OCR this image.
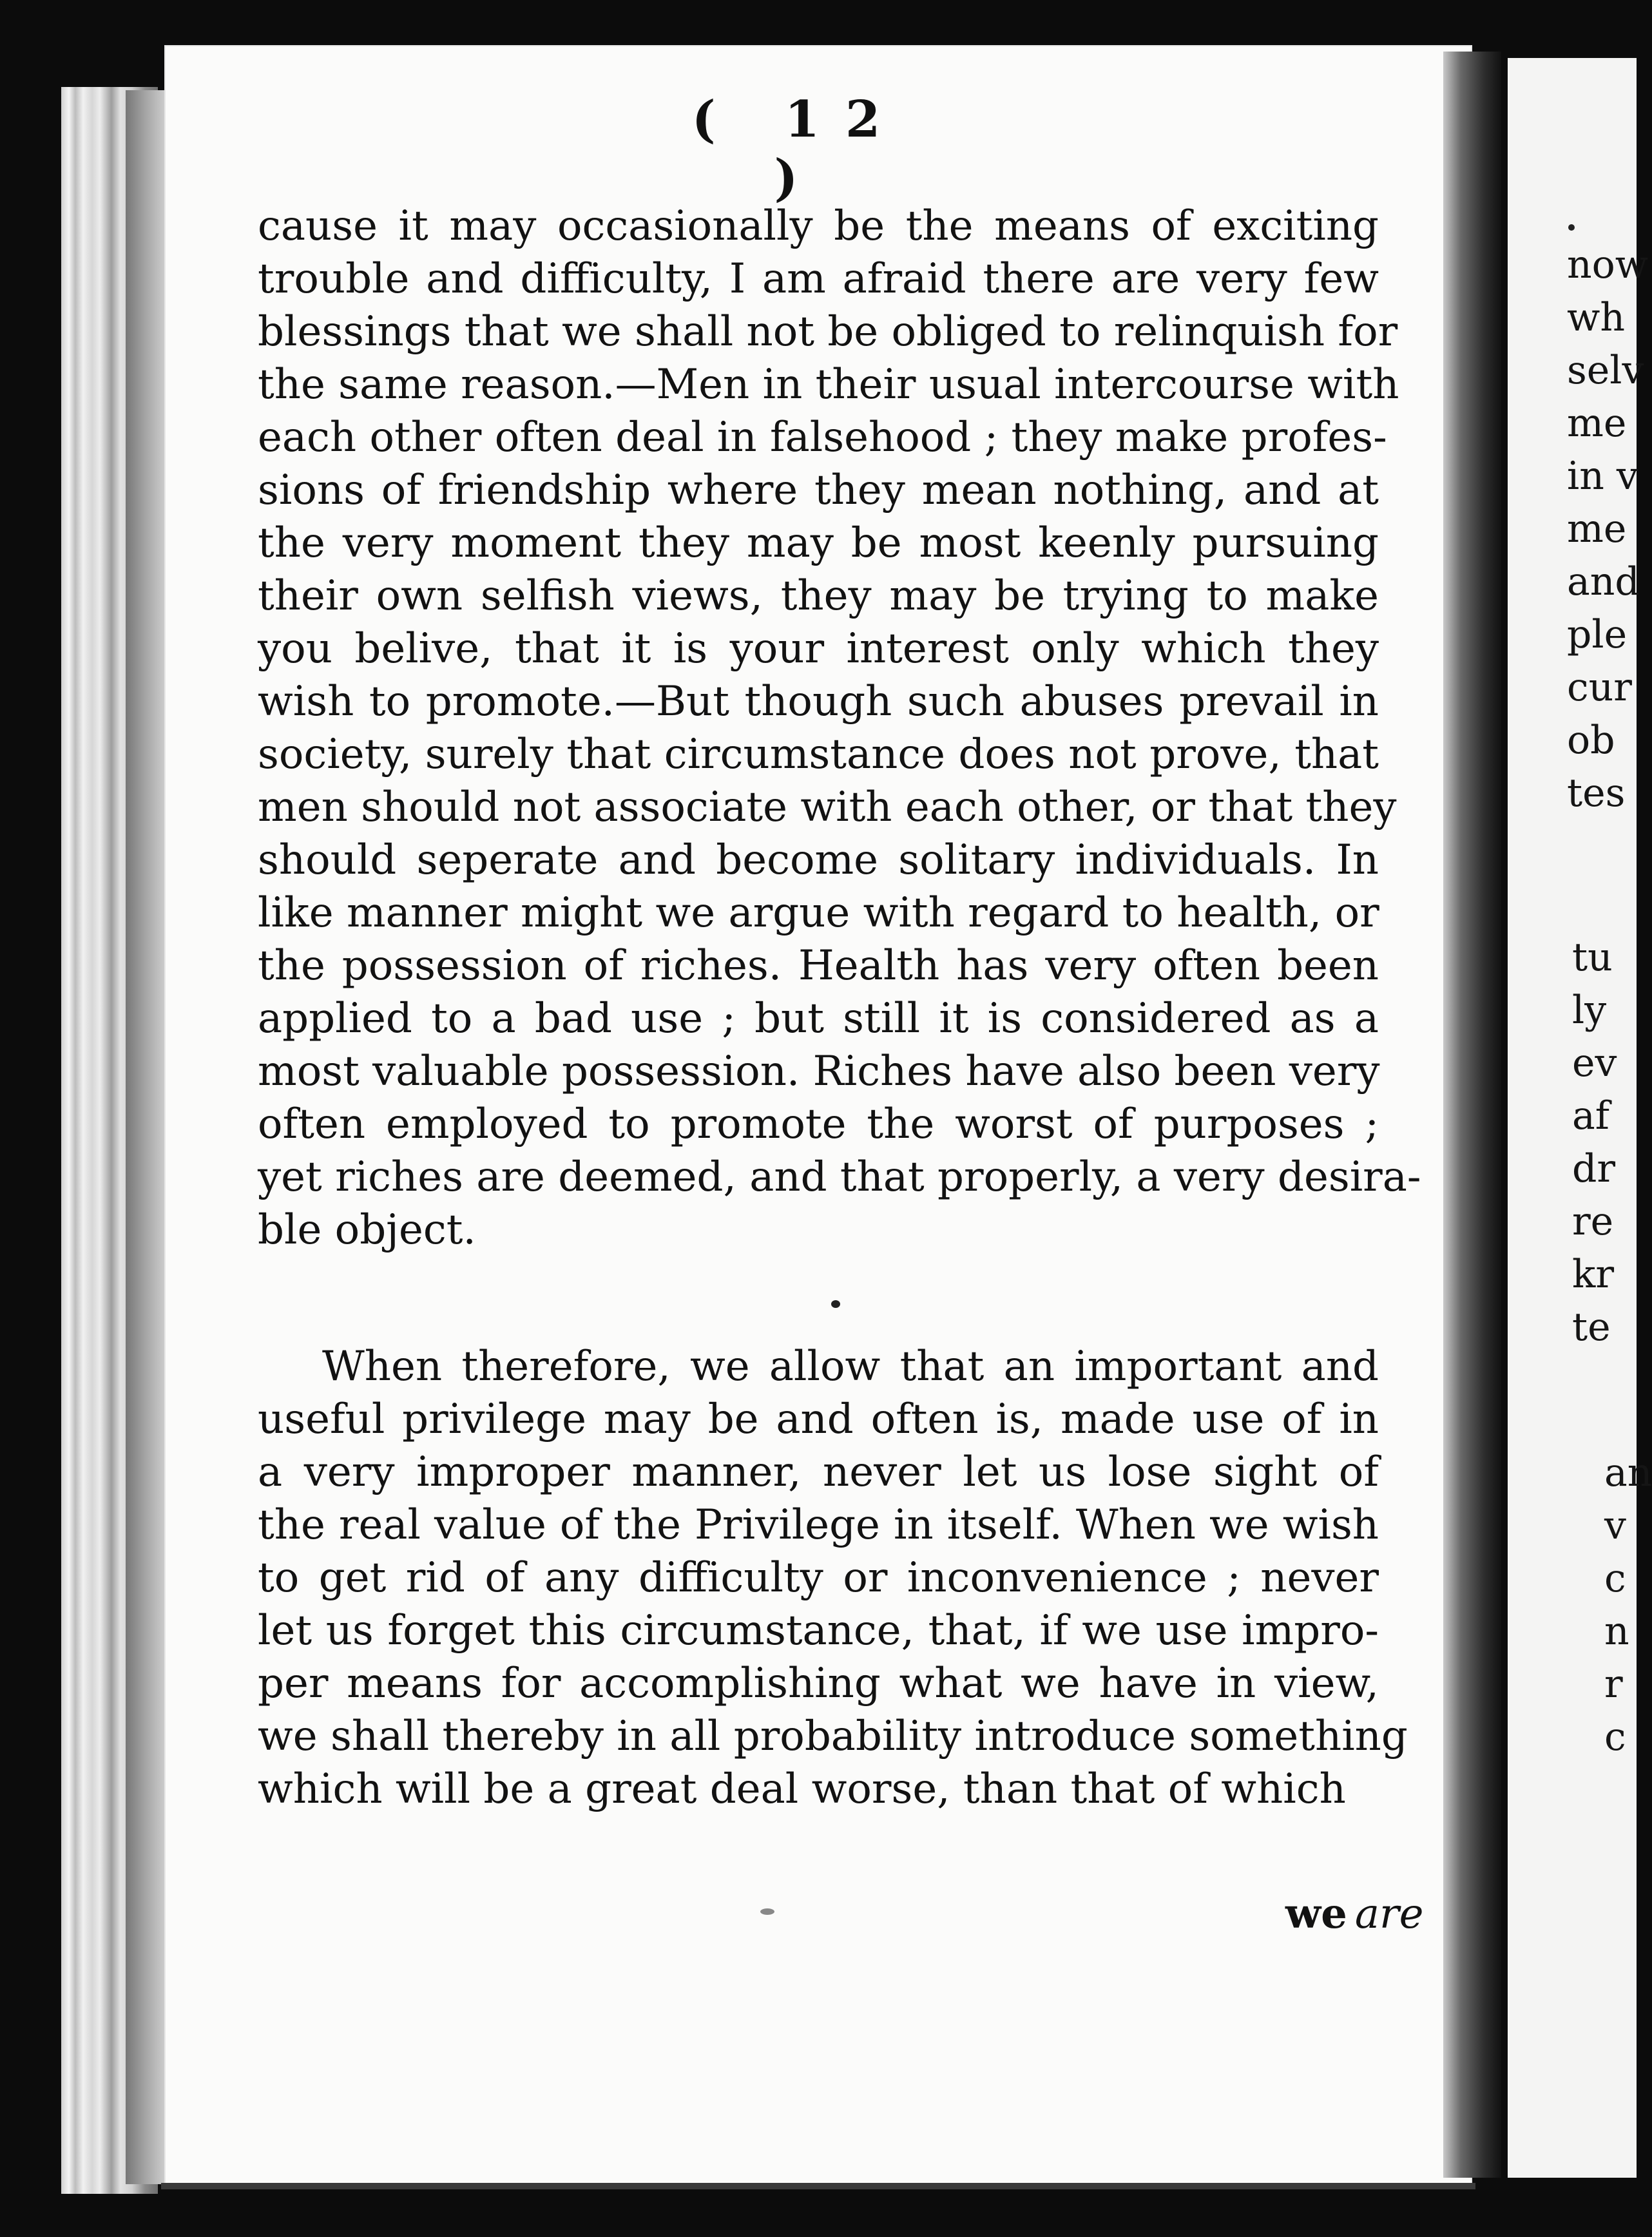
( 12 )
cause it may occasionally be the means of exciting
trouble and difficulty, I am afraid there are very few
blessings that we shall not be obliged to relinquish for
the same reason.—Men in their usual intercourse with
each other often deal in falsehood ; they make profes-
sions of friendship where they mean nothing, and at
the very moment they may be most keenly pursuing
their own selfish views, they may be trying to make
you belive, that it is your interest only which they
wish to promote.—But though such abuses prevail in
society, surely that circumstance does not prove, that
men should not associate with each other, or that they
should seperate and become solitary individuals. In
like manner might we argue with regard to health, or
the possession of riches. Health has very often been
applied to a bad use ; but still it is considered as a
most valuable possession. Riches have also been very
often employed to promote the worst of purposes ;
yet riches are deemed, and that properly, a very desira-
ble object.
When therefore, we allow that an important and
useful privilege may be and often is, made use of in
a very improper manner, never let us lose sight of
the real value of the Privilege in itself. When we wish
to get rid of any difficulty or inconvenience ; never
let us forget this circumstance, that, if we use impro-
per means for accomplishing what we have in view,
we shall thereby in all probability introduce something
which will be a great deal worse, than that of which
we are
now
wh
selv
me
in v
me
and
ple
cur
ob
tes
tu
ly
ev
af
dr
re
kr
te
an
v
c
n
r
c
